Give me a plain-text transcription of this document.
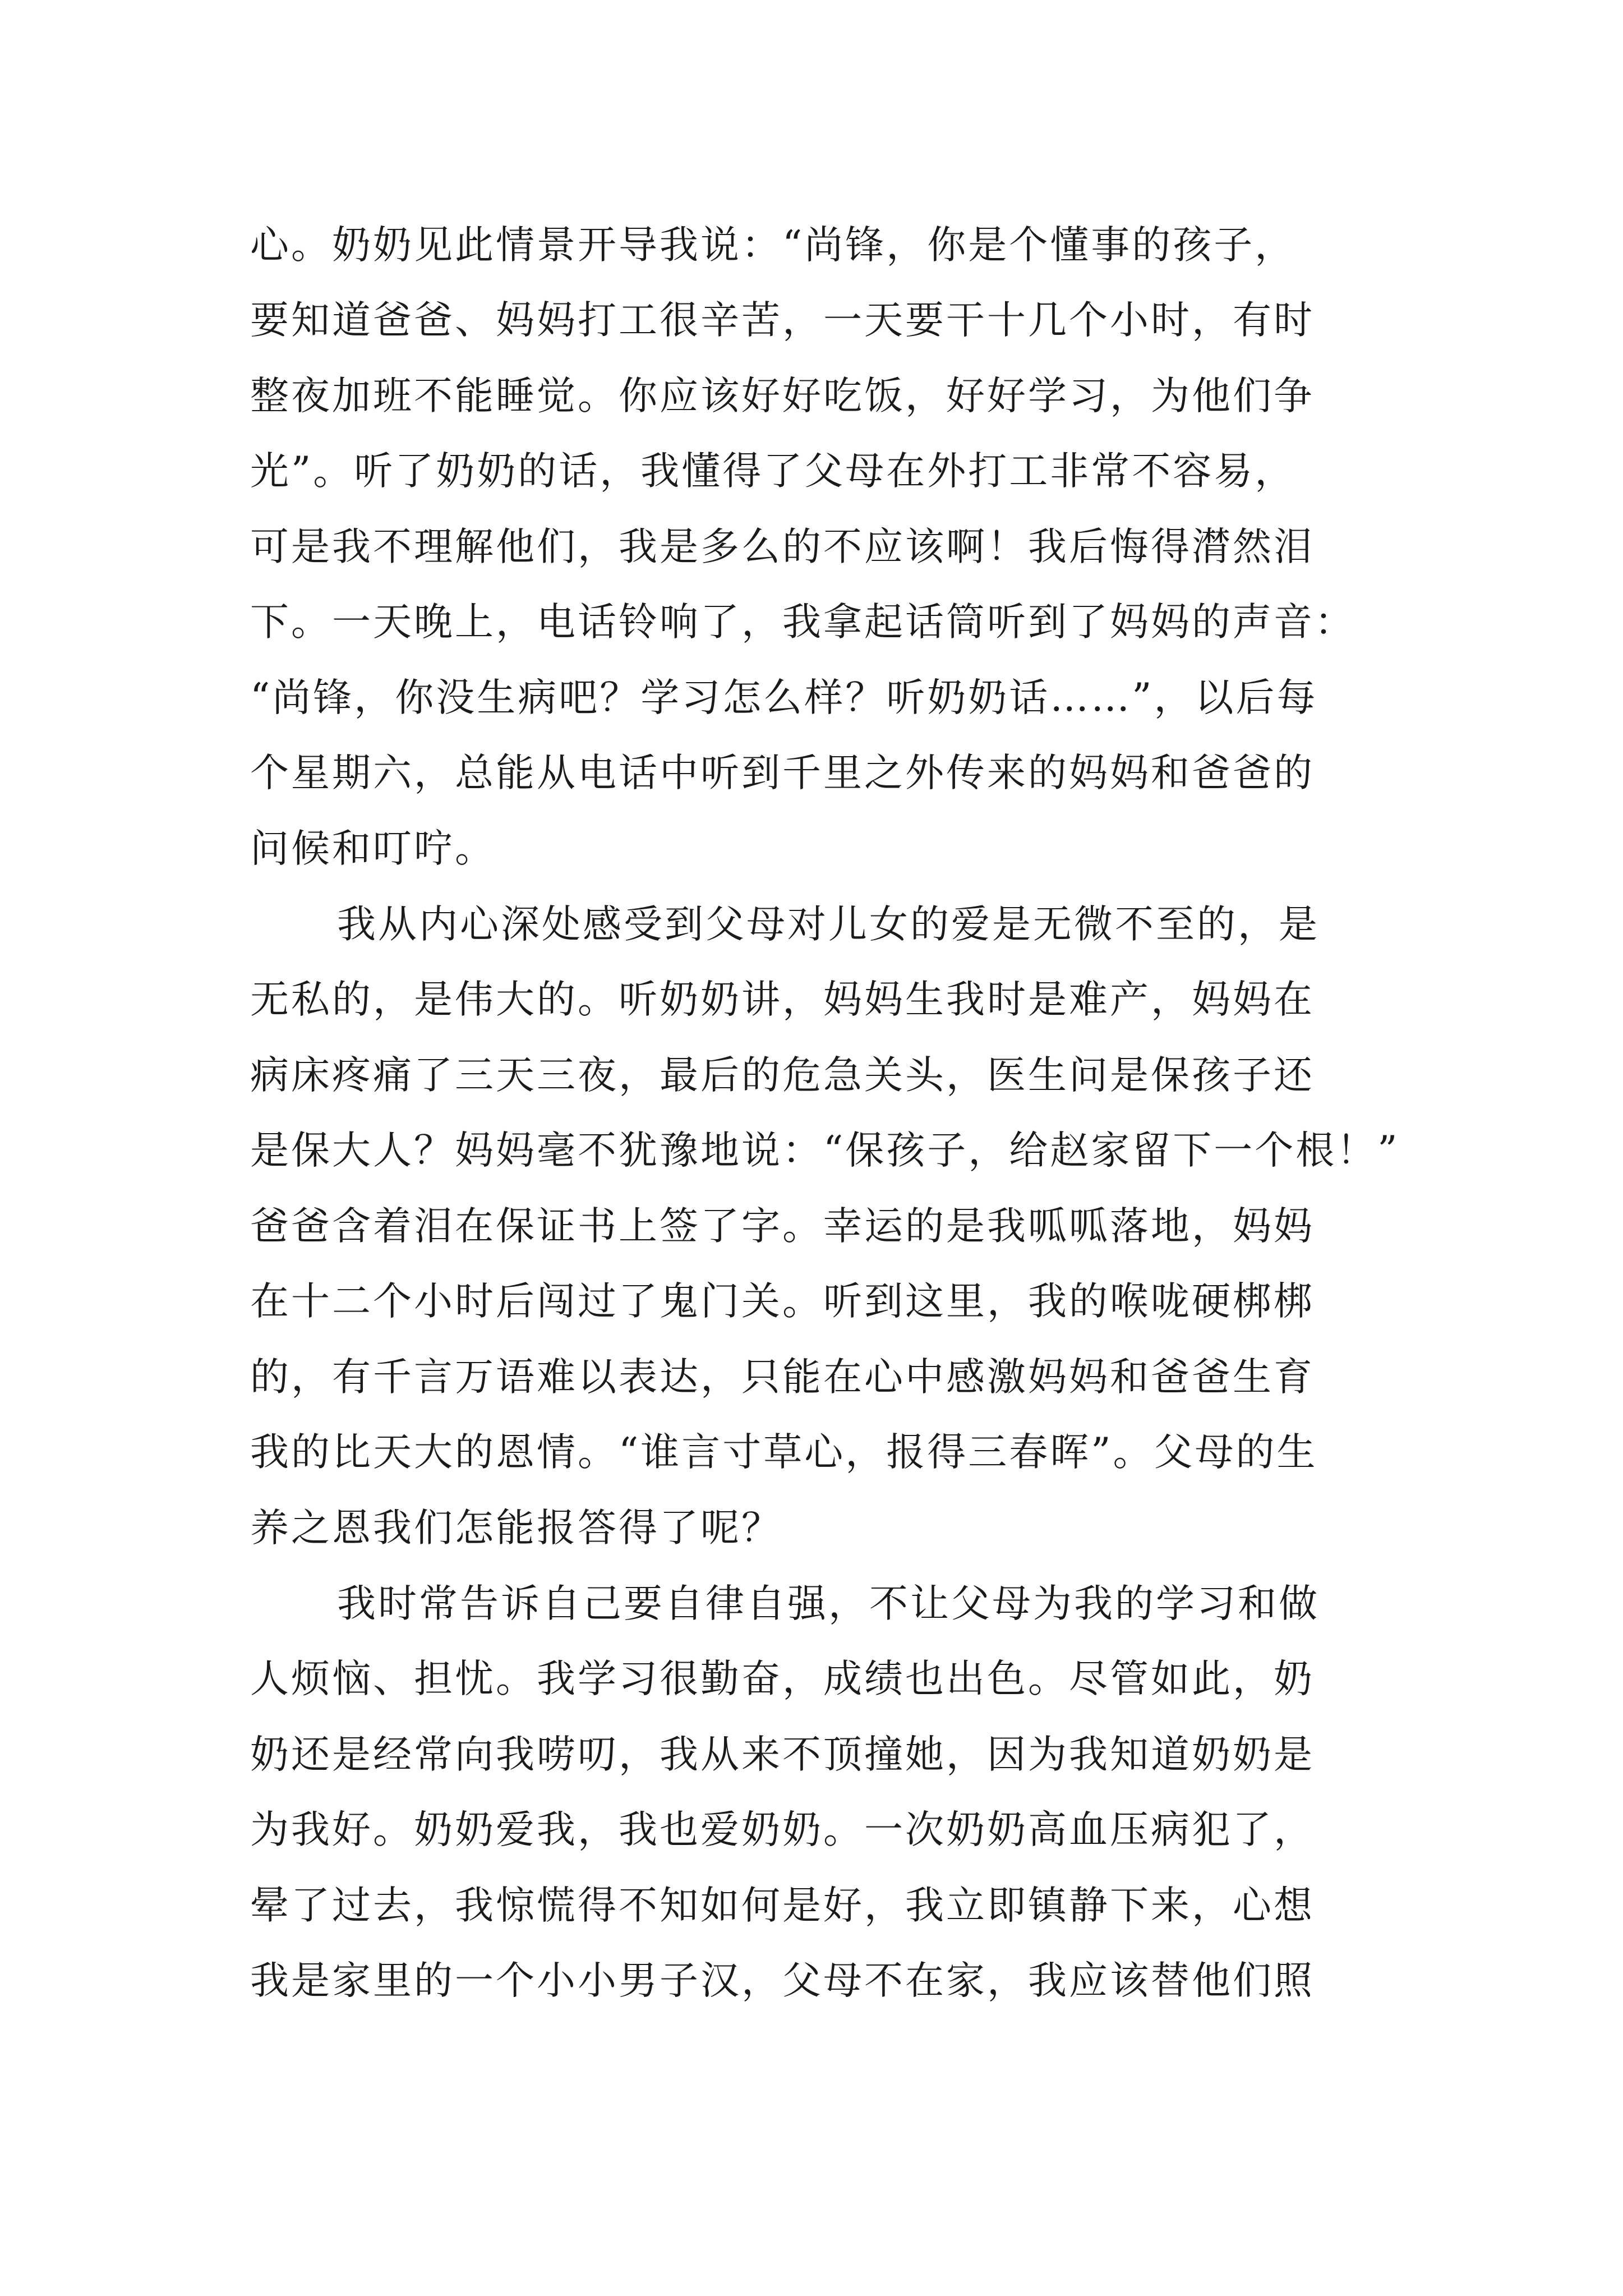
心。奶奶见此情景开导我说：“尚锋，你是个懂事的孩子，
要知道爸爸、妈妈打工很辛苦，一天要干十几个小时，有时
整夜加班不能睡觉。你应该好好吃饭，好好学习，为他们争
光”。听了奶奶的话，我懂得了父母在外打工非常不容易，
可是我不理解他们，我是多么的不应该啊！我后悔得潸然泪
下。一天晚上，电话铃响了，我拿起话筒听到了妈妈的声音：
“尚锋，你没生病吧？学习怎么样？听奶奶话……”，以后每
个星期六，总能从电话中听到千里之外传来的妈妈和爸爸的
问候和叮咛。
我从内心深处感受到父母对儿女的爱是无微不至的，是
无私的，是伟大的。听奶奶讲，妈妈生我时是难产，妈妈在
病床疼痛了三天三夜，最后的危急关头，医生问是保孩子还
是保大人？妈妈毫不犹豫地说：“保孩子，给赵家留下一个根！”
爸爸含着泪在保证书上签了字。幸运的是我呱呱落地，妈妈
在十二个小时后闯过了鬼门关。听到这里，我的喉咙硬梆梆
的，有千言万语难以表达，只能在心中感激妈妈和爸爸生育
我的比天大的恩情。“谁言寸草心，报得三春晖”。父母的生
养之恩我们怎能报答得了呢？
我时常告诉自己要自律自强，不让父母为我的学习和做
人烦恼、担忧。我学习很勤奋，成绩也出色。尽管如此，奶
奶还是经常向我唠叨，我从来不顶撞她，因为我知道奶奶是
为我好。奶奶爱我，我也爱奶奶。一次奶奶高血压病犯了，
晕了过去，我惊慌得不知如何是好，我立即镇静下来，心想
我是家里的一个小小男子汉，父母不在家，我应该替他们照
